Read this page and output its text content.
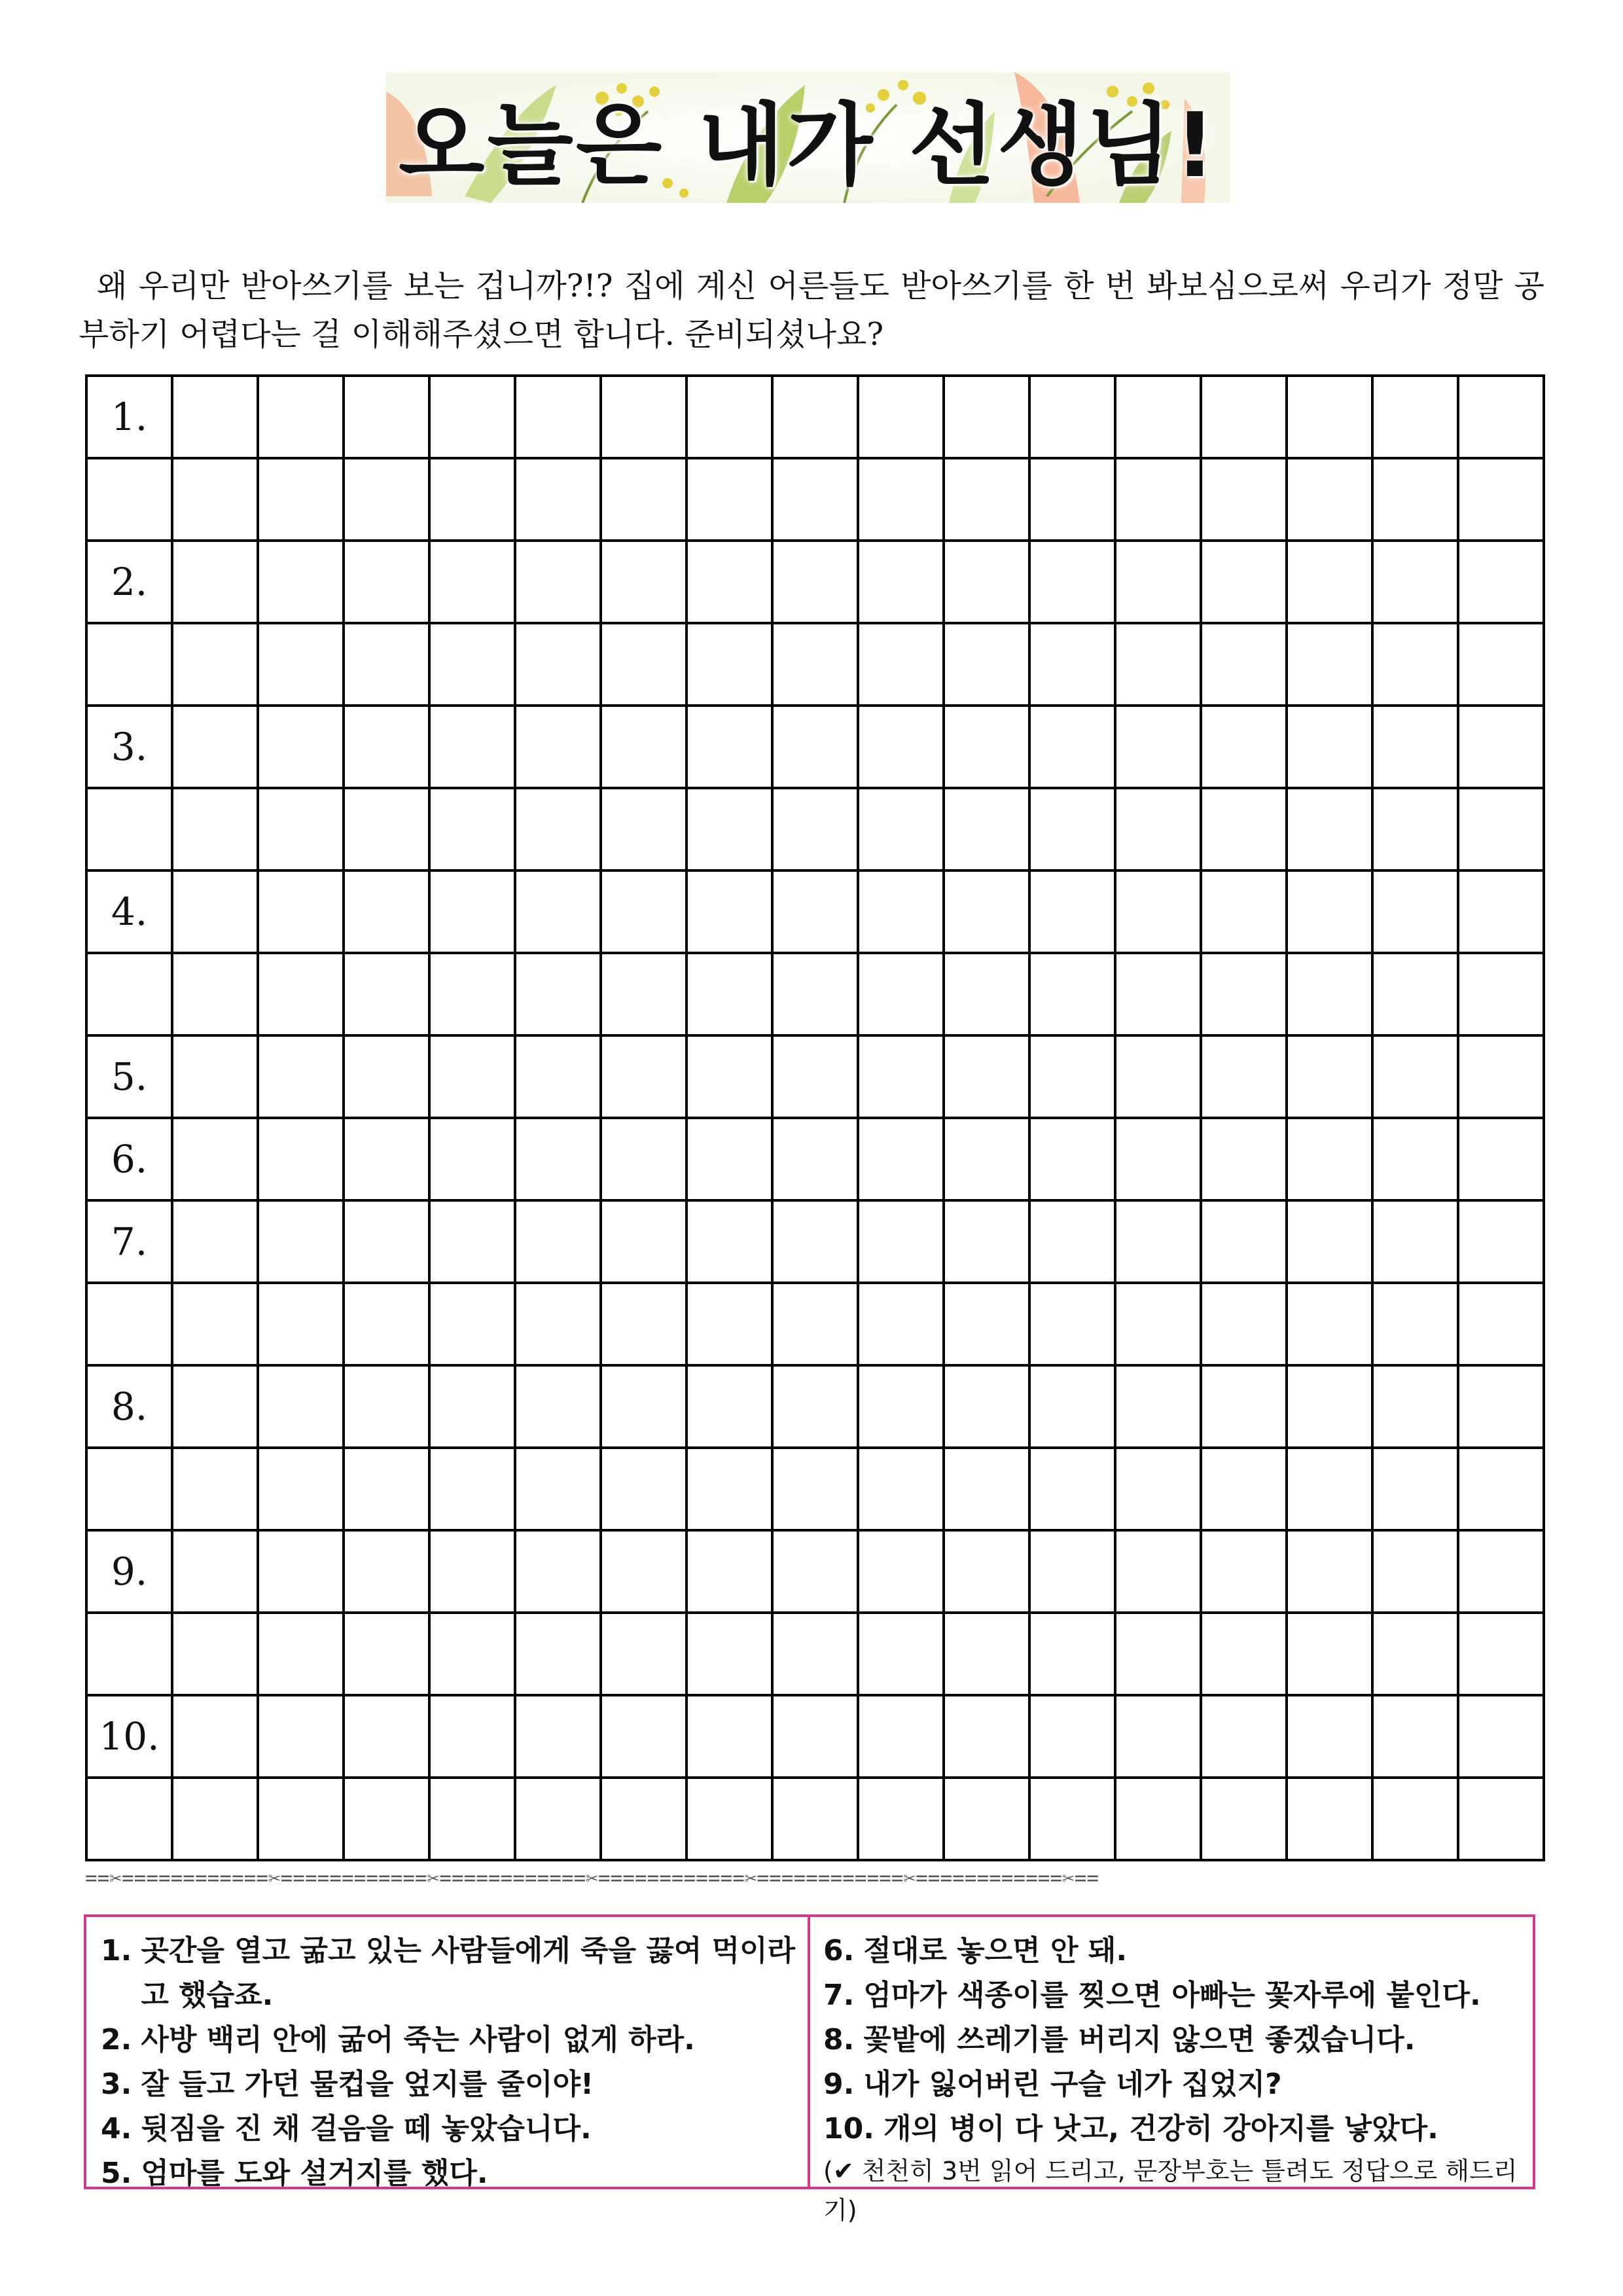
오늘은 내가 선생님!
왜 우리만 받아쓰기를 보는 겁니까?!? 집에 계신 어른들도 받아쓰기를 한 번 봐보심으로써 우리가 정말 공부하기 어렵다는 걸 이해해주셨으면 합니다. 준비되셨나요?
1.																

2.																

3.																

4.																

5.																
6.																
7.																

8.																

9.																

10.																

==✂============✂============✂============✂============✂============✂============✂==
1. 곳간을 열고 굶고 있는 사람들에게 죽을 끓여 먹이라고 했습죠.
2. 사방 백리 안에 굶어 죽는 사람이 없게 하라.
3. 잘 들고 가던 물컵을 엎지를 줄이야!
4. 뒷짐을 진 채 걸음을 떼 놓았습니다.
5. 엄마를 도와 설거지를 했다.
6. 절대로 놓으면 안 돼.
7. 엄마가 색종이를 찢으면 아빠는 꽃자루에 붙인다.
8. 꽃밭에 쓰레기를 버리지 않으면 좋겠습니다.
9. 내가 잃어버린 구슬 네가 집었지?
10. 개의 병이 다 낫고, 건강히 강아지를 낳았다.
(✔ 천천히 3번 읽어 드리고, 문장부호는 틀려도 정답으로 해드리기)
